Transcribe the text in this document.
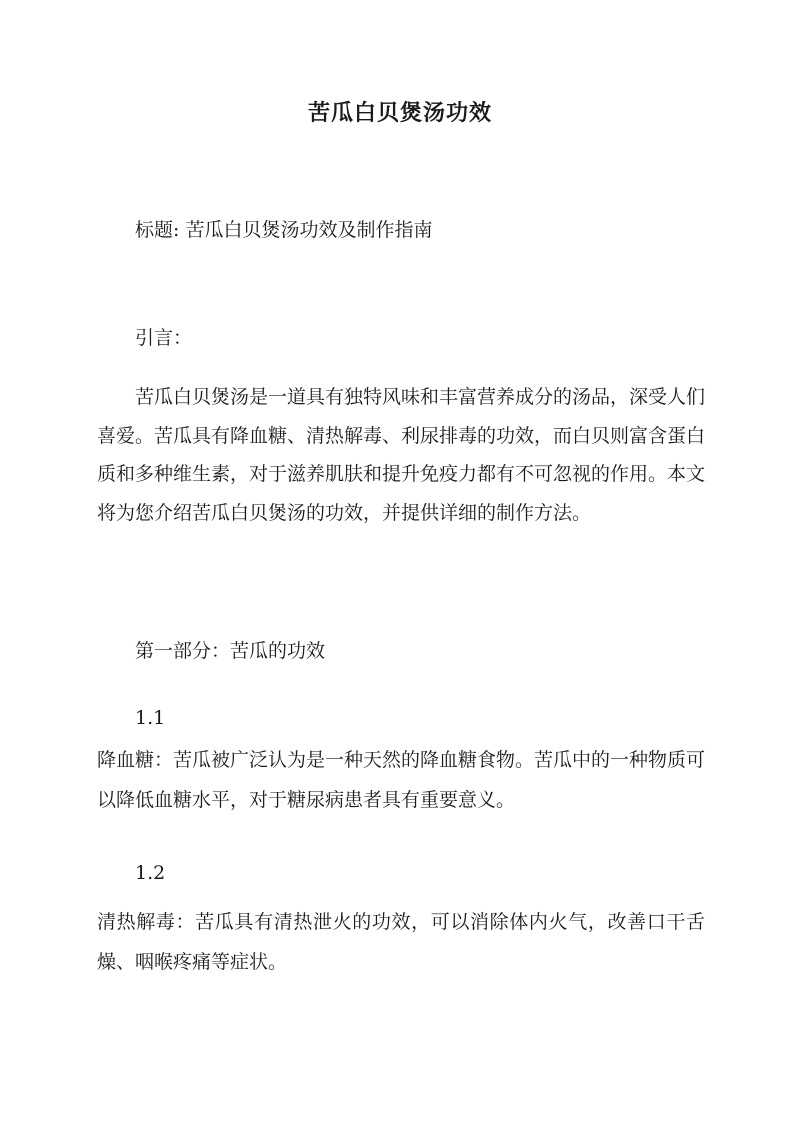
苦瓜白贝煲汤功效
标题: 苦瓜白贝煲汤功效及制作指南
引言：

苦瓜白贝煲汤是一道具有独特风味和丰富营养成分的汤品，深受人们喜爱。苦瓜具有降血糖、清热解毒、利尿排毒的功效，而白贝则富含蛋白质和多种维生素，对于滋养肌肤和提升免疫力都有不可忽视的作用。本文将为您介绍苦瓜白贝煲汤的功效，并提供详细的制作方法。

第一部分：苦瓜的功效
1.1

降血糖：苦瓜被广泛认为是一种天然的降血糖食物。苦瓜中的一种物质可以降低血糖水平，对于糖尿病患者具有重要意义。

1.2

清热解毒：苦瓜具有清热泄火的功效，可以消除体内火气，改善口干舌燥、咽喉疼痛等症状。
